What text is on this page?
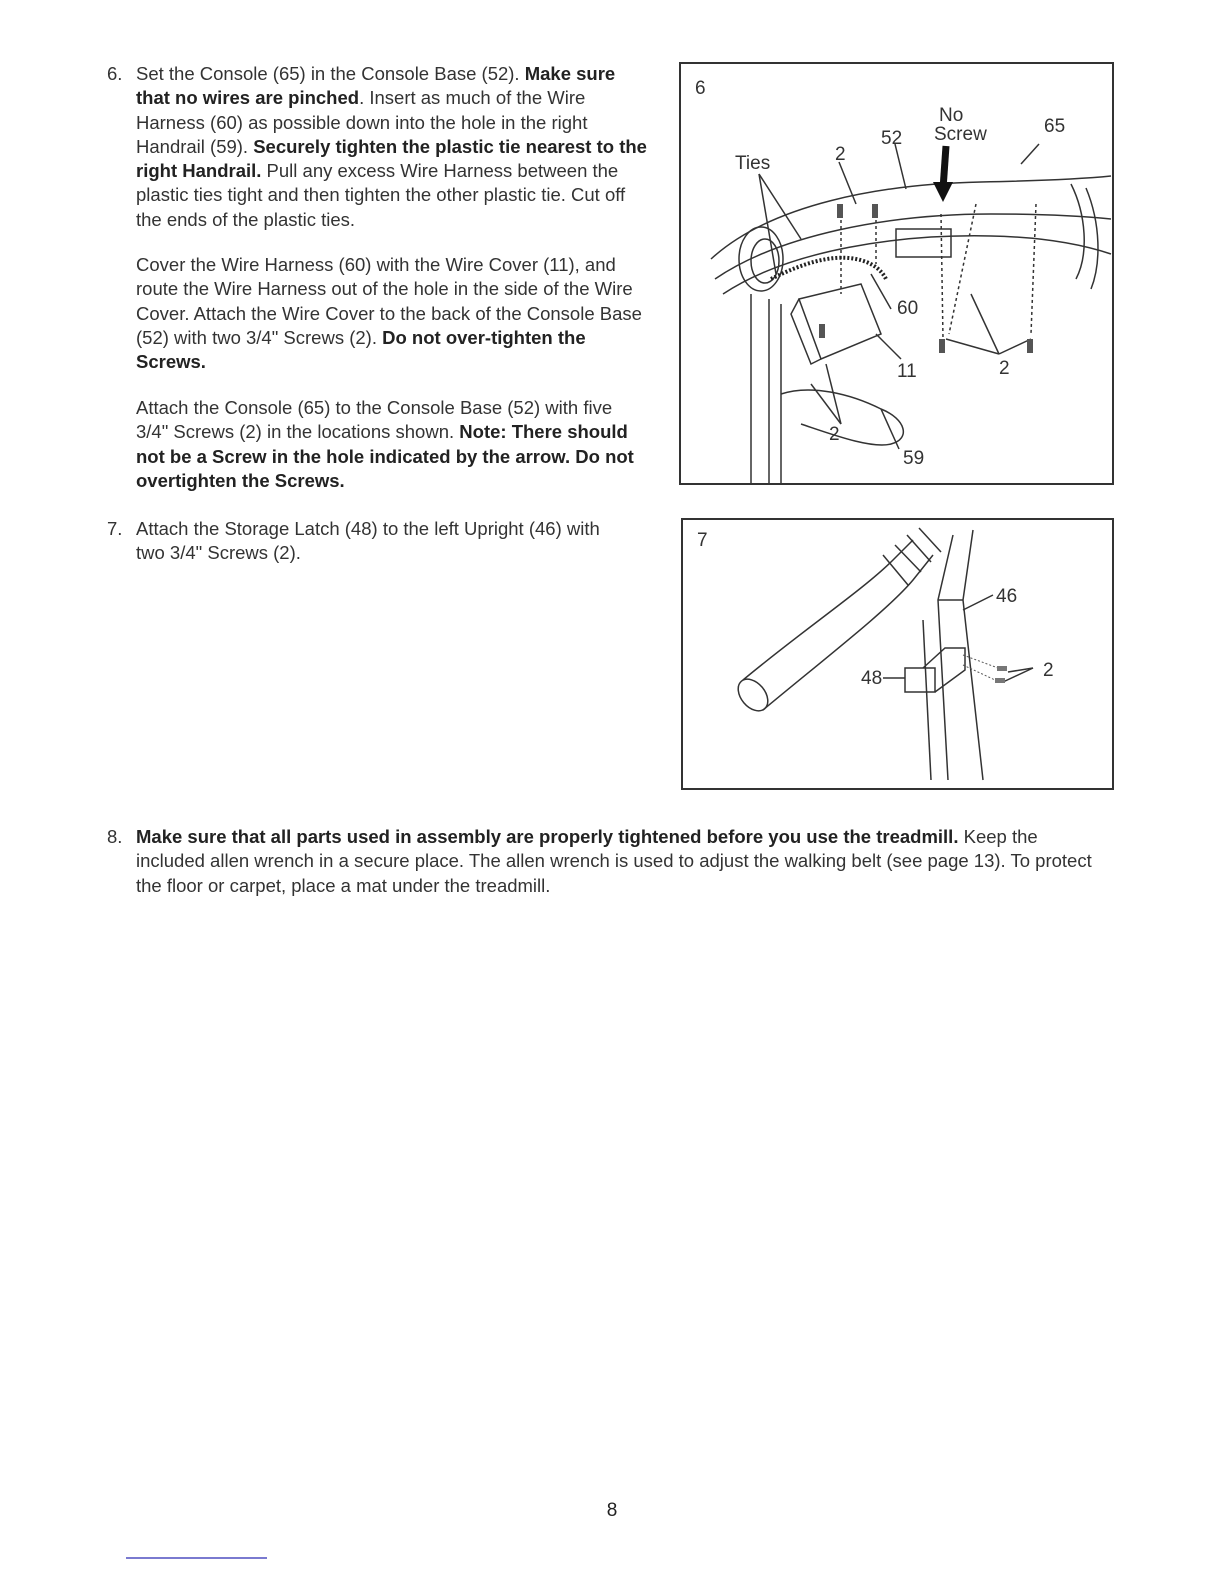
6. Set the Console (65) in the Console Base (52). Make sure that no wires are pinched. Insert as much of the Wire Harness (60) as possible down into the hole in the right Handrail (59). Securely tighten the plastic tie nearest to the right Handrail. Pull any excess Wire Harness between the plastic ties tight and then tighten the other plastic tie. Cut off the ends of the plastic ties.
Cover the Wire Harness (60) with the Wire Cover (11), and route the Wire Harness out of the hole in the side of the Wire Cover. Attach the Wire Cover to the back of the Console Base (52) with two 3/4" Screws (2). Do not over-tighten the Screws.
Attach the Console (65) to the Console Base (52) with five 3/4" Screws (2) in the locations shown. Note: There should not be a Screw in the hole indicated by the arrow. Do not overtighten the Screws.
7. Attach the Storage Latch (48) to the left Upright (46) with two 3/4" Screws (2).
8. Make sure that all parts used in assembly are properly tightened before you use the treadmill. Keep the included allen wrench in a secure place. The allen wrench is used to adjust the walking belt (see page 13). To protect the floor or carpet, place a mat under the treadmill.
6
Ties
No
Screw
52
65
2
60
11	2
2
59
7
46
48	2
8
